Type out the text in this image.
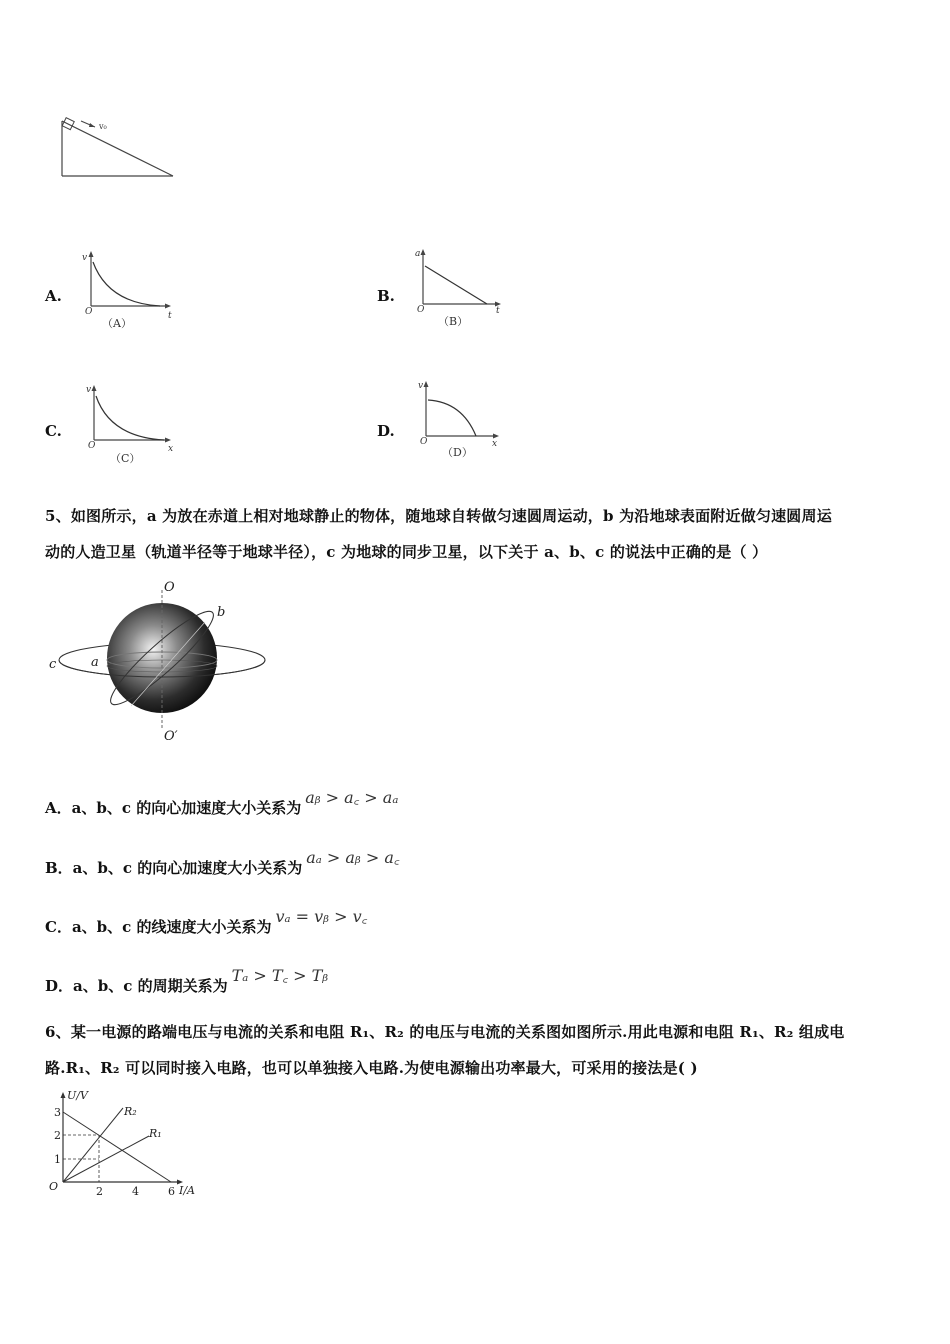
v₀
A.
v
O	t
（A）
B.
a
O	t
（B）
C.
v
O	x
（C）
D.
v
O	x
（D）
5、如图所示，a 为放在赤道上相对地球静止的物体，随地球自转做匀速圆周运动，b 为沿地球表面附近做匀速圆周运
动的人造卫星（轨道半径等于地球半径），c 为地球的同步卫星，以下关于 a、b、c 的说法中正确的是（ ）
O
O′
a
b
c
A．a、b、c 的向心加速度大小关系为aᵦ > a꜀ > aₐ
B．a、b、c 的向心加速度大小关系为aₐ > aᵦ > a꜀
C．a、b、c 的线速度大小关系为vₐ = vᵦ > v꜀
D．a、b、c 的周期关系为Tₐ > T꜀ > Tᵦ
6、某一电源的路端电压与电流的关系和电阻 R₁、R₂ 的电压与电流的关系图如图所示.用此电源和电阻 R₁、R₂ 组成电
路.R₁、R₂ 可以同时接入电路，也可以单独接入电路.为使电源输出功率最大，可采用的接法是( )
U/V
I/A
O
3
2
1
2	4	6
R₂
R₁
